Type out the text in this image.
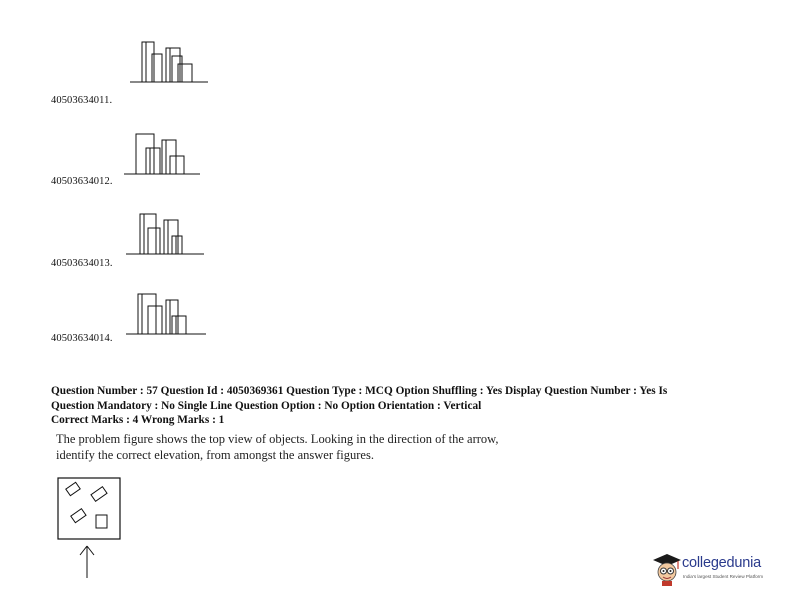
40503634011.
40503634012.
40503634013.
40503634014.
Question Number : 57 Question Id : 4050369361 Question Type : MCQ Option Shuffling : Yes Display Question Number : Yes Is
Question Mandatory : No Single Line Question Option : No Option Orientation : Vertical
Correct Marks : 4 Wrong Marks : 1
The problem figure shows the top view of objects. Looking in the direction of the arrow,
identify the correct elevation, from amongst the answer figures.
collegedunia
India's largest Student Review Platform
